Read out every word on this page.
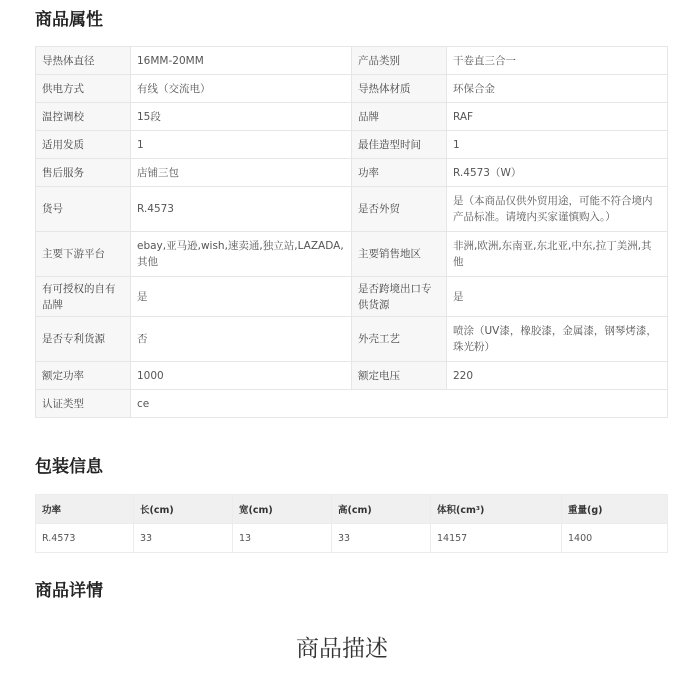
商品属性
导热体直径	16MM-20MM	产品类别	干卷直三合一
供电方式	有线（交流电）	导热体材质	环保合金
温控调校	15段	品牌	RAF
适用发质	1	最佳造型时间	1
售后服务	店铺三包	功率	R.4573（W）
货号	R.4573	是否外贸	是（本商品仅供外贸用途，可能不符合境内产品标准。请境内买家谨慎购入。）
主要下游平台	ebay,亚马逊,wish,速卖通,独立站,LAZADA,其他	主要销售地区	非洲,欧洲,东南亚,东北亚,中东,拉丁美洲,其他
有可授权的自有品牌	是	是否跨境出口专供货源	是
是否专利货源	否	外壳工艺	喷涂（UV漆，橡胶漆，金属漆，钢琴烤漆，珠光粉）
额定功率	1000	额定电压	220
认证类型	ce		
包装信息
功率	长(cm)	宽(cm)	高(cm)	体积(cm³)	重量(g)
R.4573	33	13	33	14157	1400
商品详情
商品描述
